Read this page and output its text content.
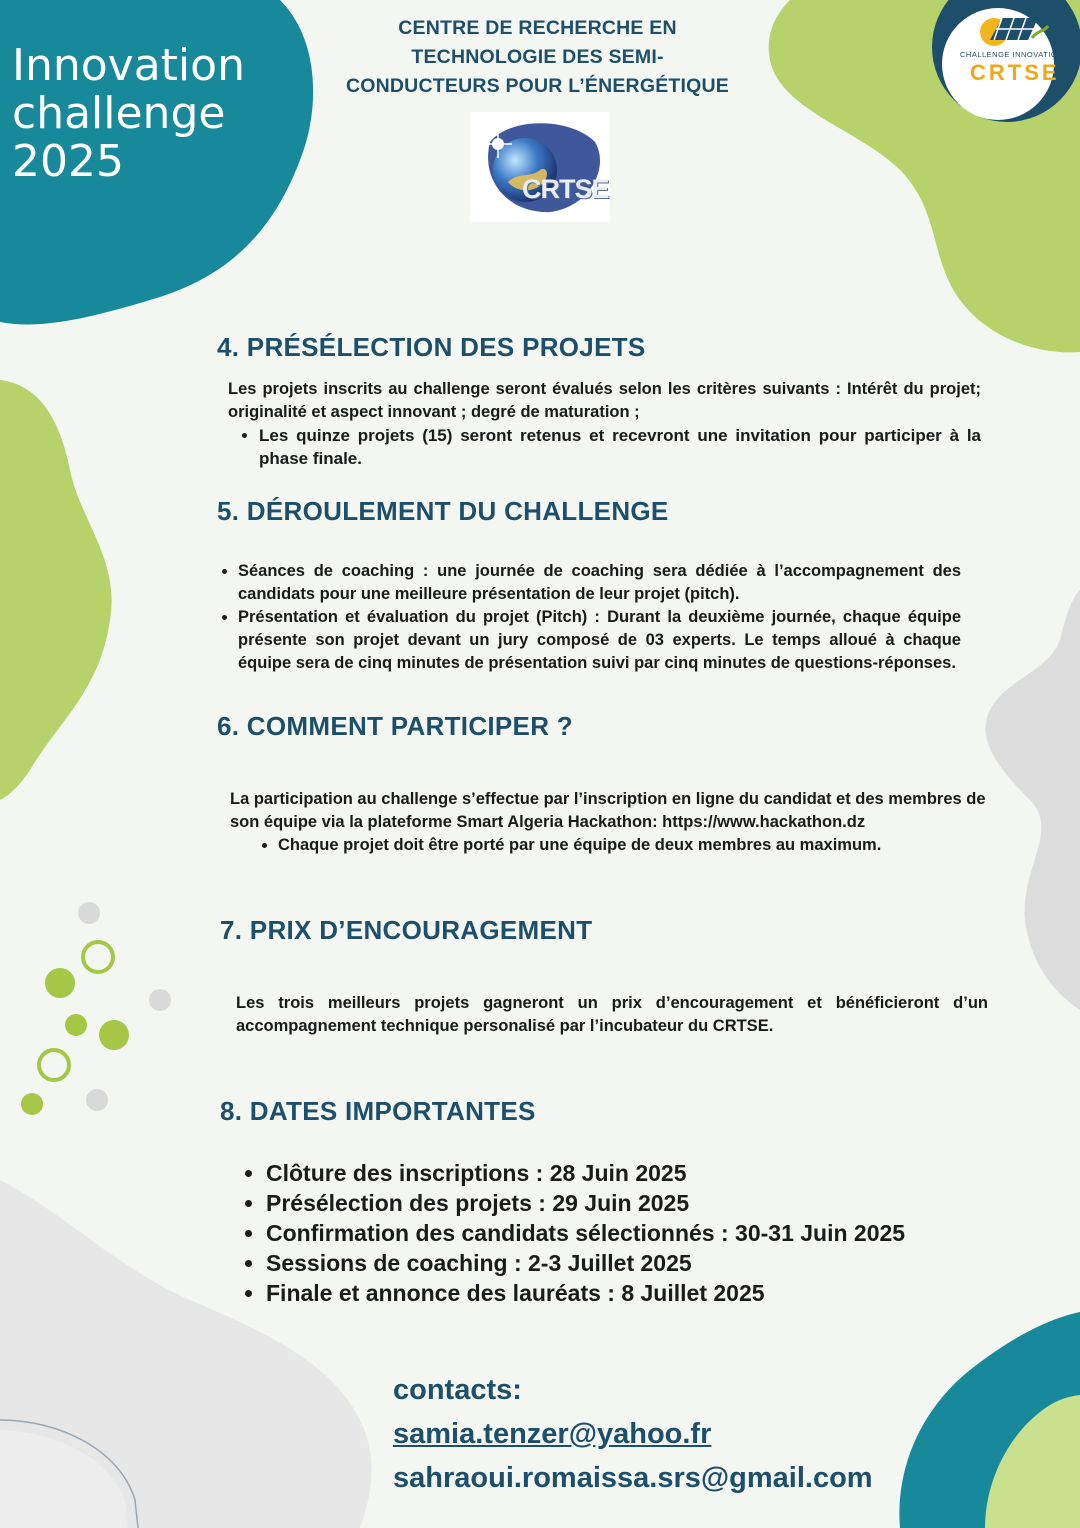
Innovation
challenge
2025
CENTRE DE RECHERCHE EN
TECHNOLOGIE DES SEMI-
CONDUCTEURS POUR L’ÉNERGÉTIQUE
CRTSE
CHALLENGE INNOVATION
CRTSE
4. PRÉSÉLECTION DES PROJETS
Les projets inscrits au challenge seront évalués selon les critères suivants : Intérêt du projet; originalité et aspect innovant ; degré de maturation ;
• Les quinze projets (15) seront retenus et recevront une invitation pour participer à la phase finale.
5. DÉROULEMENT DU CHALLENGE
• Séances de coaching : une journée de coaching sera dédiée à l’accompagnement des candidats pour une meilleure présentation de leur projet (pitch).
• Présentation et évaluation du projet (Pitch) : Durant la deuxième journée, chaque équipe présente son projet devant un jury composé de 03 experts. Le temps alloué à chaque équipe sera de cinq minutes de présentation suivi par cinq minutes de questions-réponses.
6. COMMENT PARTICIPER ?
La participation au challenge s’effectue par l’inscription en ligne du candidat et des membres de son équipe via la plateforme Smart Algeria Hackathon: https://www.hackathon.dz
• Chaque projet doit être porté par une équipe de deux membres au maximum.
7. PRIX D’ENCOURAGEMENT
Les trois meilleurs projets gagneront un prix d’encouragement et bénéficieront d’un accompagnement technique personalisé par l’incubateur du CRTSE.
8. DATES IMPORTANTES
• Clôture des inscriptions : 28 Juin 2025
• Présélection des projets : 29 Juin 2025
• Confirmation des candidats sélectionnés : 30-31 Juin 2025
• Sessions de coaching : 2-3 Juillet 2025
• Finale et annonce des lauréats : 8 Juillet 2025
contacts:
samia.tenzer@yahoo.fr
sahraoui.romaissa.srs@gmail.com
